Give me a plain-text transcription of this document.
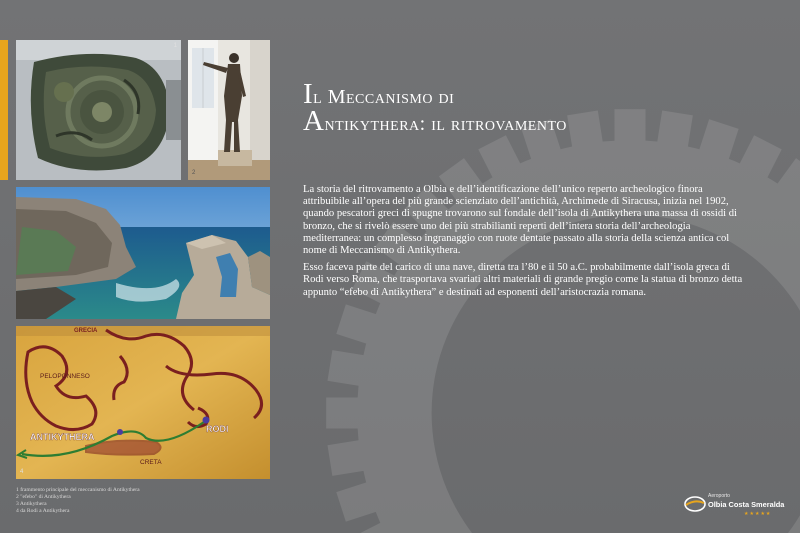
1
2
GRECIA
PELOPONNESO
ANTIKYTHERA
RODI
CRETA
4
Il Meccanismo di
Antikythera: il ritrovamento

La storia del ritrovamento a Olbia e dell’identificazione dell’unico reperto archeologico finora attribuibile all’opera del più grande scienziato dell’antichità, Archimede di Siracusa, inizia nel 1902, quando pescatori greci di spugne trovarono sul fondale dell’isola di Antikythera una massa di ossidi di bronzo, che si rivelò essere uno dei più strabilianti reperti dell’intera storia dell’archeologia mediterranea: un complesso ingranaggio con ruote dentate passato alla storia della scienza antica col nome di Meccanismo di Antikythera.

Esso faceva parte del carico di una nave, diretta tra l’80 e il 50 a.C. probabilmente dall’isola greca di Rodi verso Roma, che trasportava svariati altri materiali di grande pregio come la statua di bronzo detta appunto “efebo di Antikythera” e destinati ad esponenti dell’aristocrazia romana.

1 frammento principale del meccanismo di Antikythera
2 "efebo" di Antikythera
3 Antikythera
4 da Rodi a Antikythera
Aeroporto
Olbia Costa Smeralda
★★★★★
